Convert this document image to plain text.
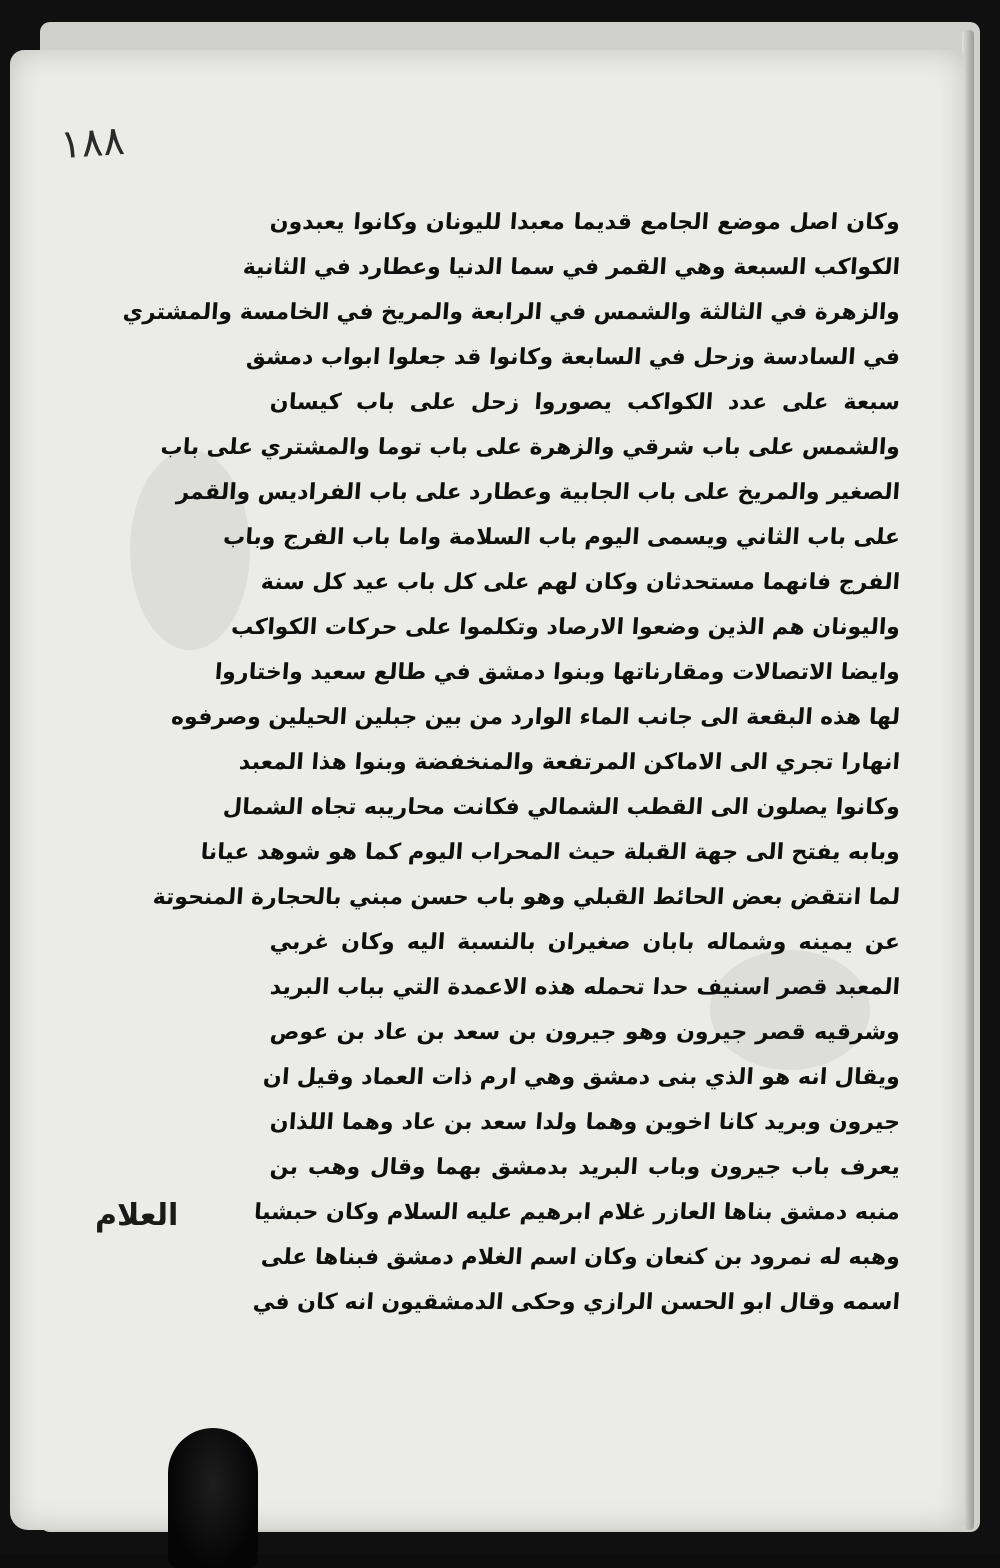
١٨٨
وكان اصل موضع الجامع قديما معبدا لليونان وكانوا يعبدون
الكواكب السبعة وهي القمر في سما الدنيا وعطارد في الثانية
والزهرة في الثالثة والشمس في الرابعة والمريخ في الخامسة والمشتري
في السادسة وزحل في السابعة وكانوا قد جعلوا ابواب دمشق
سبعة على عدد الكواكب يصوروا زحل على باب كيسان
والشمس على باب شرقي والزهرة على باب توما والمشتري على باب
الصغير والمريخ على باب الجابية وعطارد على باب الفراديس والقمر
على باب الثاني ويسمى اليوم باب السلامة واما باب الفرج وباب
الفرج فانهما مستحدثان وكان لهم على كل باب عيد كل سنة
واليونان هم الذين وضعوا الارصاد وتكلموا على حركات الكواكب
وايضا الاتصالات ومقارناتها وبنوا دمشق في طالع سعيد واختاروا
لها هذه البقعة الى جانب الماء الوارد من بين جبلين الحيلين وصرفوه
انهارا تجري الى الاماكن المرتفعة والمنخفضة وبنوا هذا المعبد
وكانوا يصلون الى القطب الشمالي فكانت محاريبه تجاه الشمال
وبابه يفتح الى جهة القبلة حيث المحراب اليوم كما هو شوهد عيانا
لما انتقض بعض الحائط القبلي وهو باب حسن مبني بالحجارة المنحوتة
عن يمينه وشماله بابان صغيران بالنسبة اليه وكان غربي
المعبد قصر اسنيف حدا تحمله هذه الاعمدة التي بباب البريد
وشرقيه قصر جيرون وهو جيرون بن سعد بن عاد بن عوص
ويقال انه هو الذي بنى دمشق وهي ارم ذات العماد وقيل ان
جيرون وبريد كانا اخوين وهما ولدا سعد بن عاد وهما اللذان
يعرف باب جيرون وباب البريد بدمشق بهما وقال وهب بن
منبه دمشق بناها العازر غلام ابرهيم عليه السلام وكان حبشيا
وهبه له نمرود بن كنعان وكان اسم الغلام دمشق فبناها على
اسمه وقال ابو الحسن الرازي وحكى الدمشقيون انه كان في
العلام
